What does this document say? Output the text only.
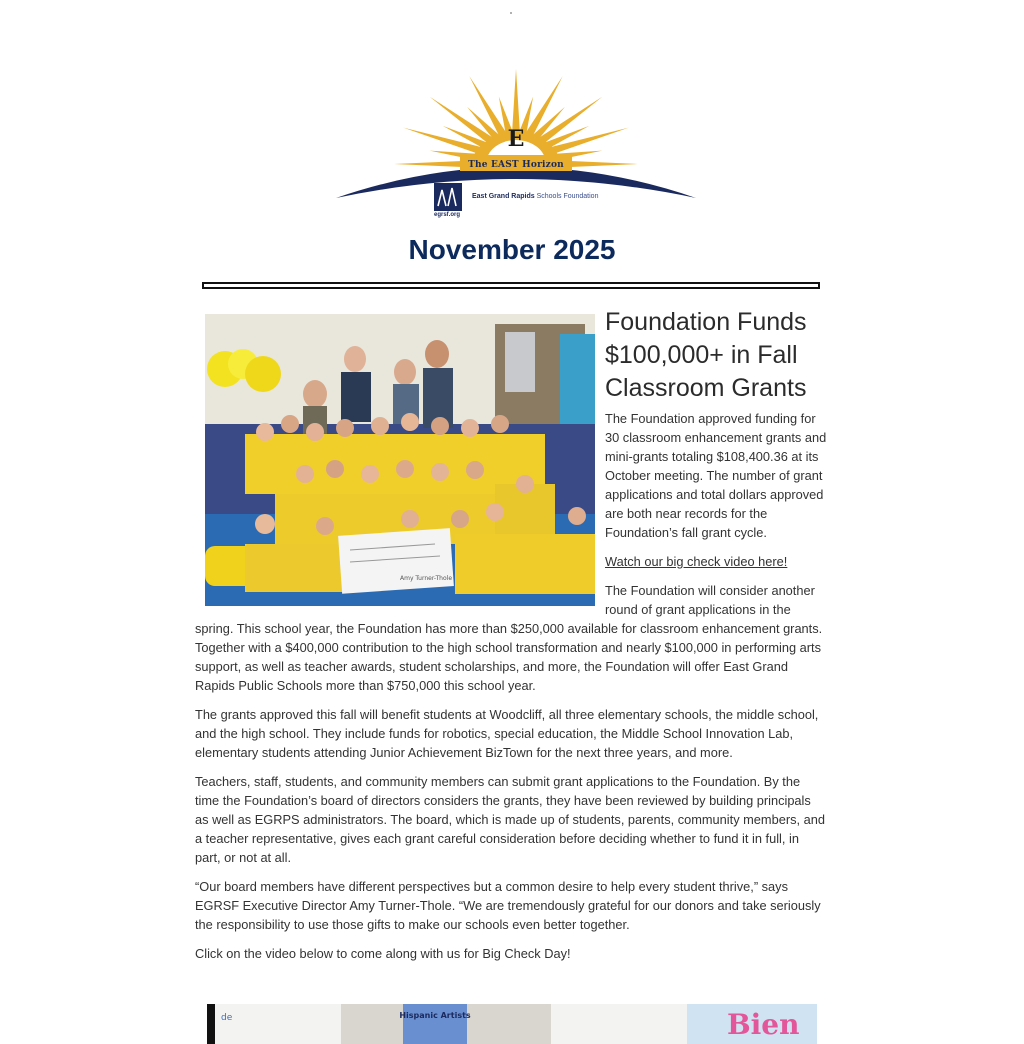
E
The EAST Horizon
East Grand Rapids Schools Foundation
egrsf.org
November 2025
Amy Turner-Thole
Foundation Funds $100,000+ in Fall Classroom Grants

The Foundation approved funding for 30 classroom enhancement grants and mini-grants totaling $108,400.36 at its October meeting. The number of grant applications and total dollars approved are both near records for the Foundation’s fall grant cycle.

Watch our big check video here!

The Foundation will consider another round of grant applications in the spring. This school year, the Foundation has more than $250,000 available for classroom enhancement grants. Together with a $400,000 contribution to the high school transformation and nearly $100,000 in performing arts support, as well as teacher awards, student scholarships, and more, the Foundation will offer East Grand Rapids Public Schools more than $750,000 this school year.

The grants approved this fall will benefit students at Woodcliff, all three elementary schools, the middle school, and the high school. They include funds for robotics, special education, the Middle School Innovation Lab, elementary students attending Junior Achievement BizTown for the next three years, and more.

Teachers, staff, students, and community members can submit grant applications to the Foundation. By the time the Foundation’s board of directors considers the grants, they have been reviewed by building principals as well as EGRPS administrators. The board, which is made up of students, parents, community members, and a teacher representative, gives each grant careful consideration before deciding whether to fund it in full, in part, or not at all.

“Our board members have different perspectives but a common desire to help every student thrive,” says EGRSF Executive Director Amy Turner-Thole. “We are tremendously grateful for our donors and take seriously the responsibility to use those gifts to make our schools even better together.

Click on the video below to come along with us for Big Check Day!

de	Hispanic Artists	Bien
